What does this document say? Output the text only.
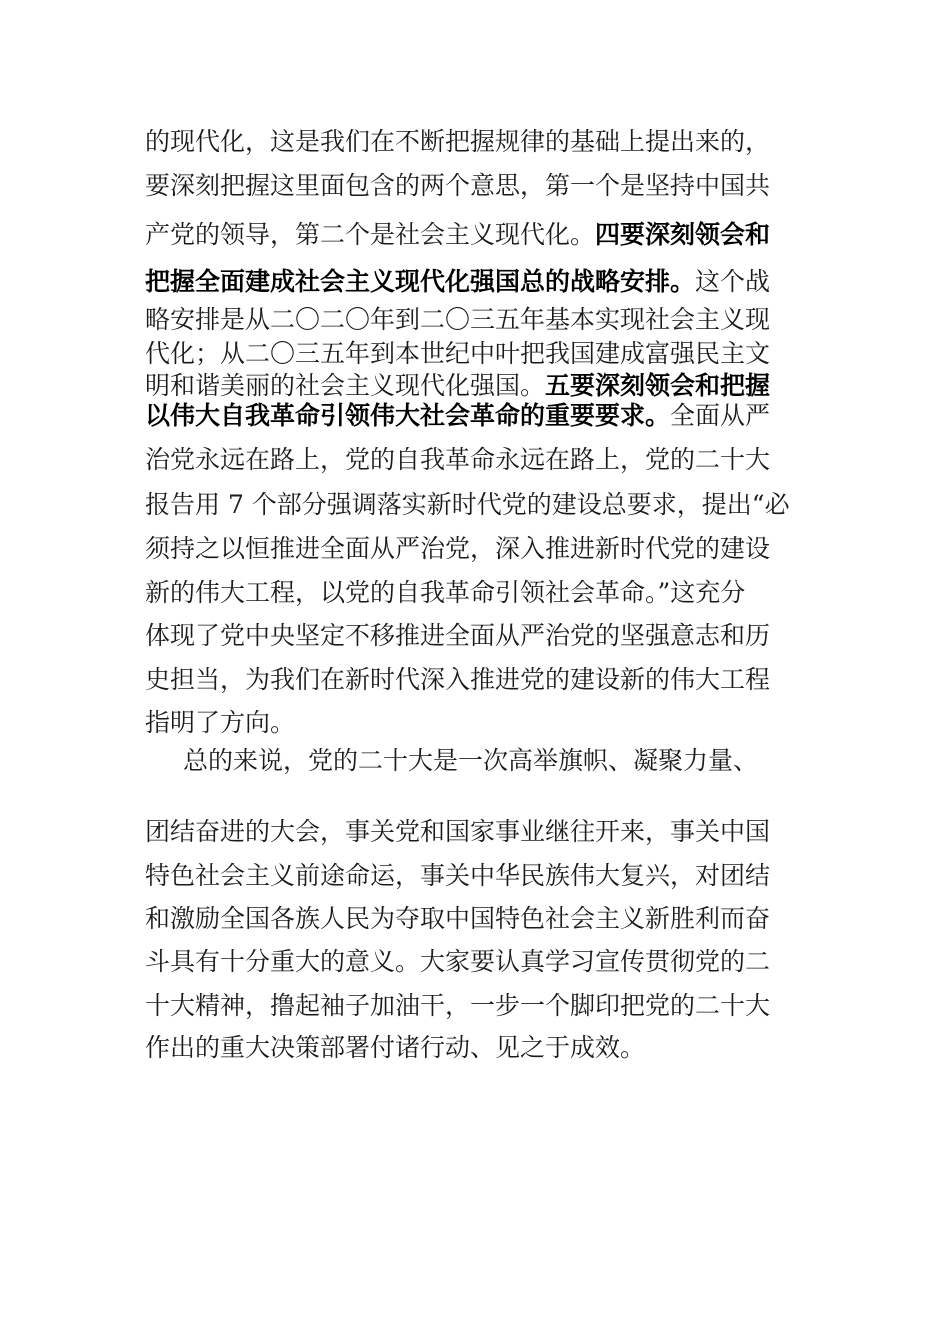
的现代化，这是我们在不断把握规律的基础上提出来的，
要深刻把握这里面包含的两个意思，第一个是坚持中国共
产党的领导，第二个是社会主义现代化。四要深刻领会和
把握全面建成社会主义现代化强国总的战略安排。这个战
略安排是从二〇二〇年到二〇三五年基本实现社会主义现
代化；从二〇三五年到本世纪中叶把我国建成富强民主文
明和谐美丽的社会主义现代化强国。五要深刻领会和把握
以伟大自我革命引领伟大社会革命的重要要求。全面从严
治党永远在路上，党的自我革命永远在路上，党的二十大
报告用 7 个部分强调落实新时代党的建设总要求，提出“必
须持之以恒推进全面从严治党，深入推进新时代党的建设
新的伟大工程，以党的自我革命引领社会革命。”这充分
体现了党中央坚定不移推进全面从严治党的坚强意志和历
史担当，为我们在新时代深入推进党的建设新的伟大工程
指明了方向。
总的来说，党的二十大是一次高举旗帜、凝聚力量、
团结奋进的大会，事关党和国家事业继往开来，事关中国
特色社会主义前途命运，事关中华民族伟大复兴，对团结
和激励全国各族人民为夺取中国特色社会主义新胜利而奋
斗具有十分重大的意义。大家要认真学习宣传贯彻党的二
十大精神，撸起袖子加油干，一步一个脚印把党的二十大
作出的重大决策部署付诸行动、见之于成效。
